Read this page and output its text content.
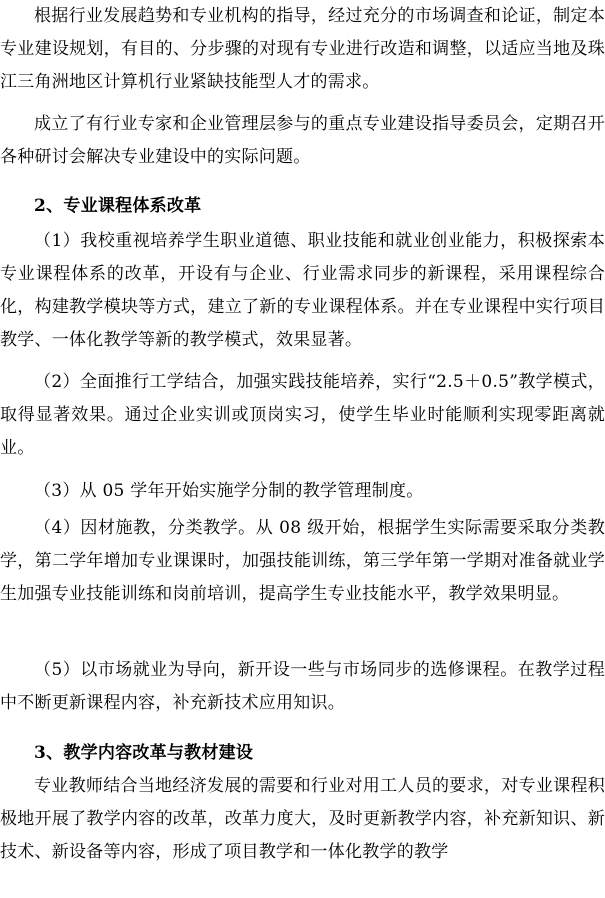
根据行业发展趋势和专业机构的指导，经过充分的市场调查和论证，制定本专业建设规划，有目的、分步骤的对现有专业进行改造和调整，以适应当地及珠江三角洲地区计算机行业紧缺技能型人才的需求。

成立了有行业专家和企业管理层参与的重点专业建设指导委员会，定期召开各种研讨会解决专业建设中的实际问题。

2、专业课程体系改革

（1）我校重视培养学生职业道德、职业技能和就业创业能力，积极探索本专业课程体系的改革，开设有与企业、行业需求同步的新课程，采用课程综合化，构建教学模块等方式，建立了新的专业课程体系。并在专业课程中实行项目教学、一体化教学等新的教学模式，效果显著。

（2）全面推行工学结合，加强实践技能培养，实行“2.5＋0.5”教学模式，取得显著效果。通过企业实训或顶岗实习，使学生毕业时能顺利实现零距离就业。

（3）从 05 学年开始实施学分制的教学管理制度。

（4）因材施教，分类教学。从 08 级开始，根据学生实际需要采取分类教学，第二学年增加专业课课时，加强技能训练，第三学年第一学期对准备就业学生加强专业技能训练和岗前培训，提高学生专业技能水平，教学效果明显。

（5）以市场就业为导向，新开设一些与市场同步的选修课程。在教学过程中不断更新课程内容，补充新技术应用知识。

3、教学内容改革与教材建设

专业教师结合当地经济发展的需要和行业对用工人员的要求，对专业课程积极地开展了教学内容的改革，改革力度大，及时更新教学内容，补充新知识、新技术、新设备等内容，形成了项目教学和一体化教学的教学
